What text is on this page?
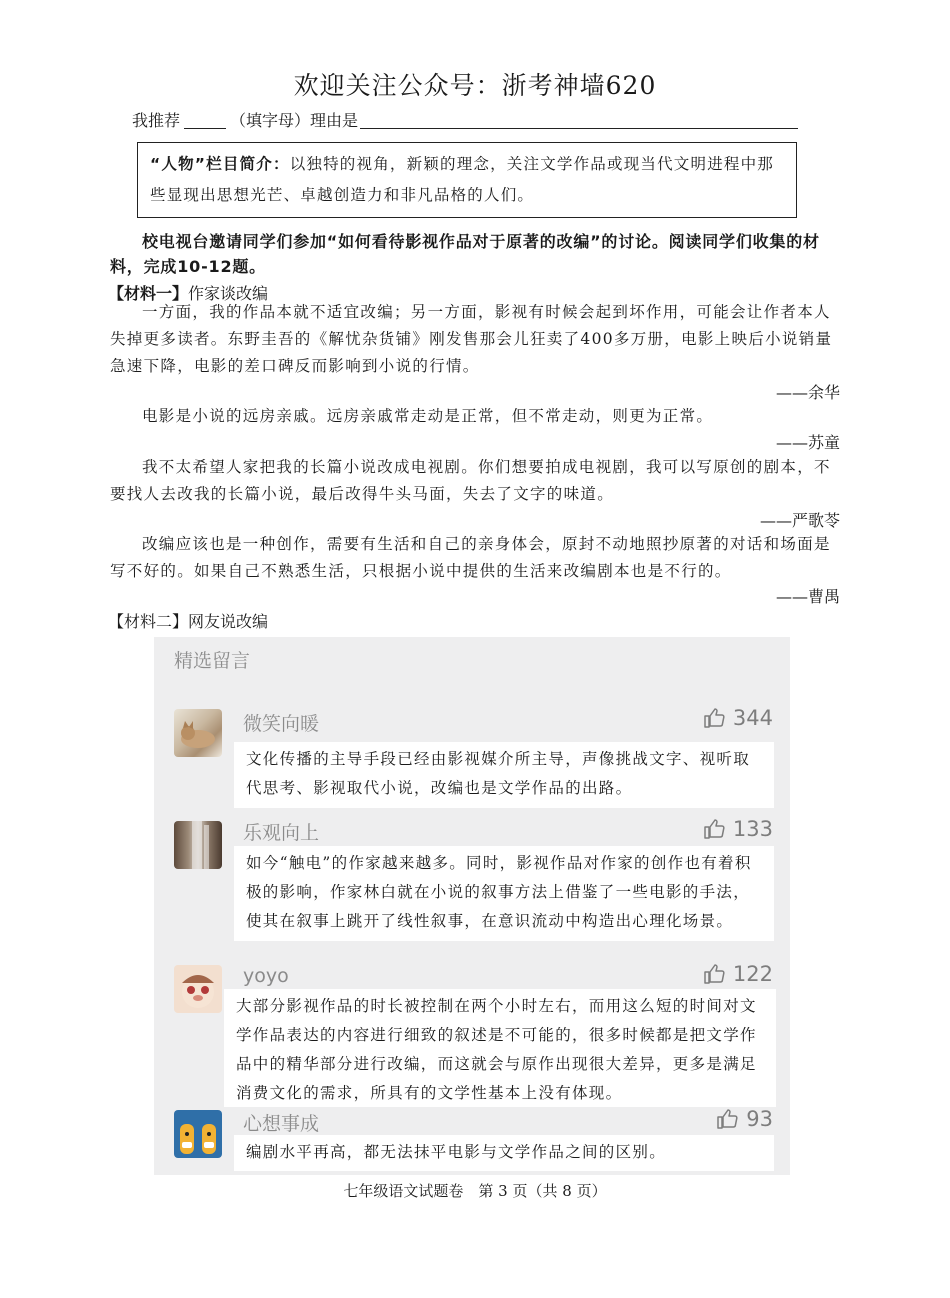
欢迎关注公众号：浙考神墙620
我推荐	（填字母）理由是
“人物”栏目简介：以独特的视角，新颖的理念，关注文学作品或现当代文明进程中那些显现出思想光芒、卓越创造力和非凡品格的人们。
校电视台邀请同学们参加“如何看待影视作品对于原著的改编”的讨论。阅读同学们收集的材料，完成10-12题。
【材料一】作家谈改编
一方面，我的作品本就不适宜改编；另一方面，影视有时候会起到坏作用，可能会让作者本人失掉更多读者。东野圭吾的《解忧杂货铺》刚发售那会儿狂卖了400多万册，电影上映后小说销量急速下降，电影的差口碑反而影响到小说的行情。
——余华
电影是小说的远房亲戚。远房亲戚常走动是正常，但不常走动，则更为正常。
——苏童
我不太希望人家把我的长篇小说改成电视剧。你们想要拍成电视剧，我可以写原创的剧本，不要找人去改我的长篇小说，最后改得牛头马面，失去了文字的味道。
——严歌苓
改编应该也是一种创作，需要有生活和自己的亲身体会，原封不动地照抄原著的对话和场面是写不好的。如果自己不熟悉生活，只根据小说中提供的生活来改编剧本也是不行的。
——曹禺
【材料二】网友说改编
精选留言
微笑向暖	344
文化传播的主导手段已经由影视媒介所主导，声像挑战文字、视听取代思考、影视取代小说，改编也是文学作品的出路。
乐观向上	133
如今“触电”的作家越来越多。同时，影视作品对作家的创作也有着积极的影响，作家林白就在小说的叙事方法上借鉴了一些电影的手法，使其在叙事上跳开了线性叙事，在意识流动中构造出心理化场景。
yoyo	122
大部分影视作品的时长被控制在两个小时左右，而用这么短的时间对文学作品表达的内容进行细致的叙述是不可能的，很多时候都是把文学作品中的精华部分进行改编，而这就会与原作出现很大差异，更多是满足消费文化的需求，所具有的文学性基本上没有体现。
心想事成	93
编剧水平再高，都无法抹平电影与文学作品之间的区别。
七年级语文试题卷　第 3 页（共 8 页）
